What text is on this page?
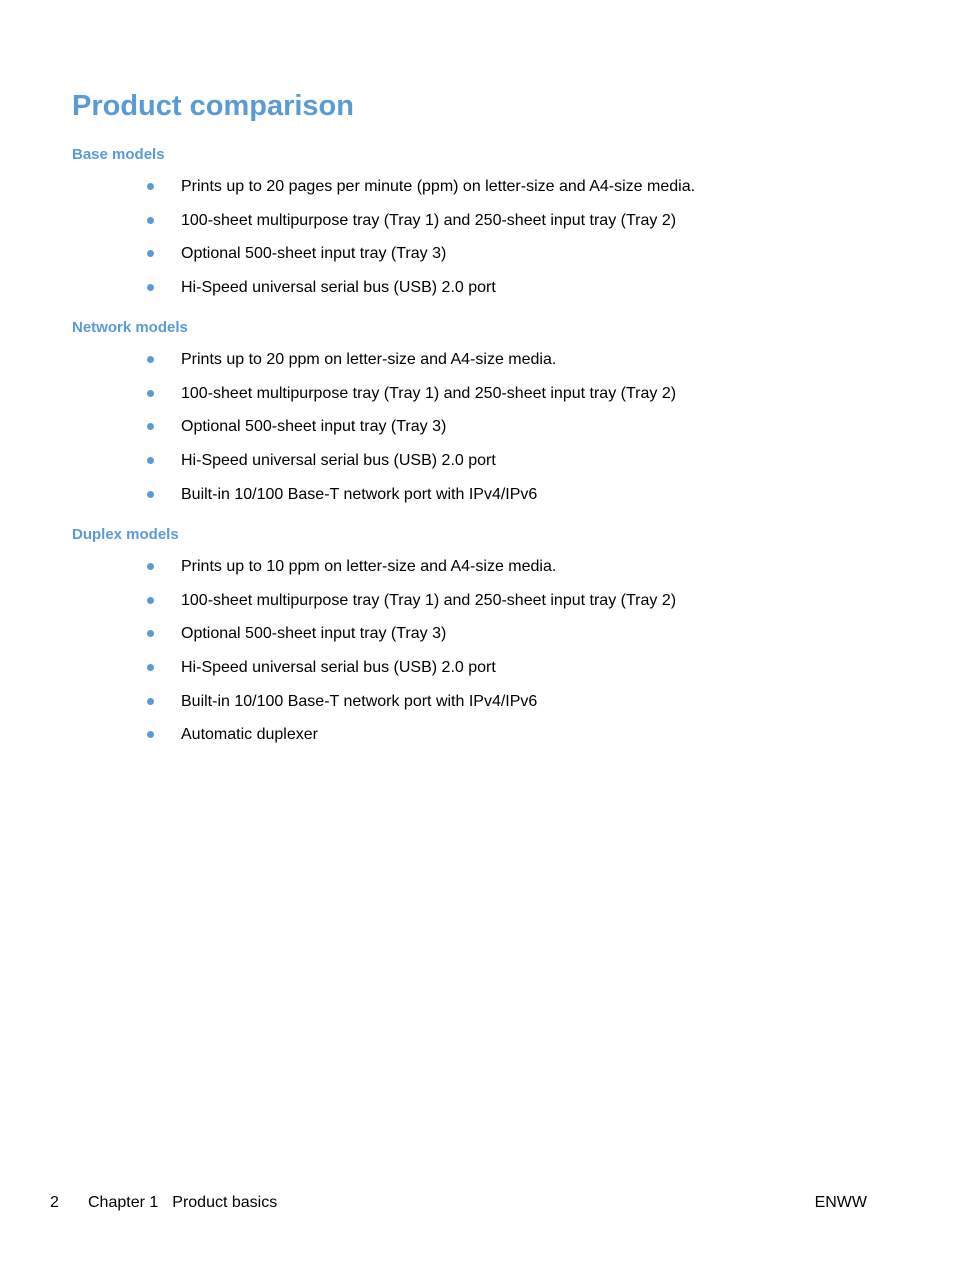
Product comparison
Base models
Prints up to 20 pages per minute (ppm) on letter-size and A4-size media.
100-sheet multipurpose tray (Tray 1) and 250-sheet input tray (Tray 2)
Optional 500-sheet input tray (Tray 3)
Hi-Speed universal serial bus (USB) 2.0 port
Network models
Prints up to 20 ppm on letter-size and A4-size media.
100-sheet multipurpose tray (Tray 1) and 250-sheet input tray (Tray 2)
Optional 500-sheet input tray (Tray 3)
Hi-Speed universal serial bus (USB) 2.0 port
Built-in 10/100 Base-T network port with IPv4/IPv6
Duplex models
Prints up to 10 ppm on letter-size and A4-size media.
100-sheet multipurpose tray (Tray 1) and 250-sheet input tray (Tray 2)
Optional 500-sheet input tray (Tray 3)
Hi-Speed universal serial bus (USB) 2.0 port
Built-in 10/100 Base-T network port with IPv4/IPv6
Automatic duplexer
2 Chapter 1 Product basics	ENWW
